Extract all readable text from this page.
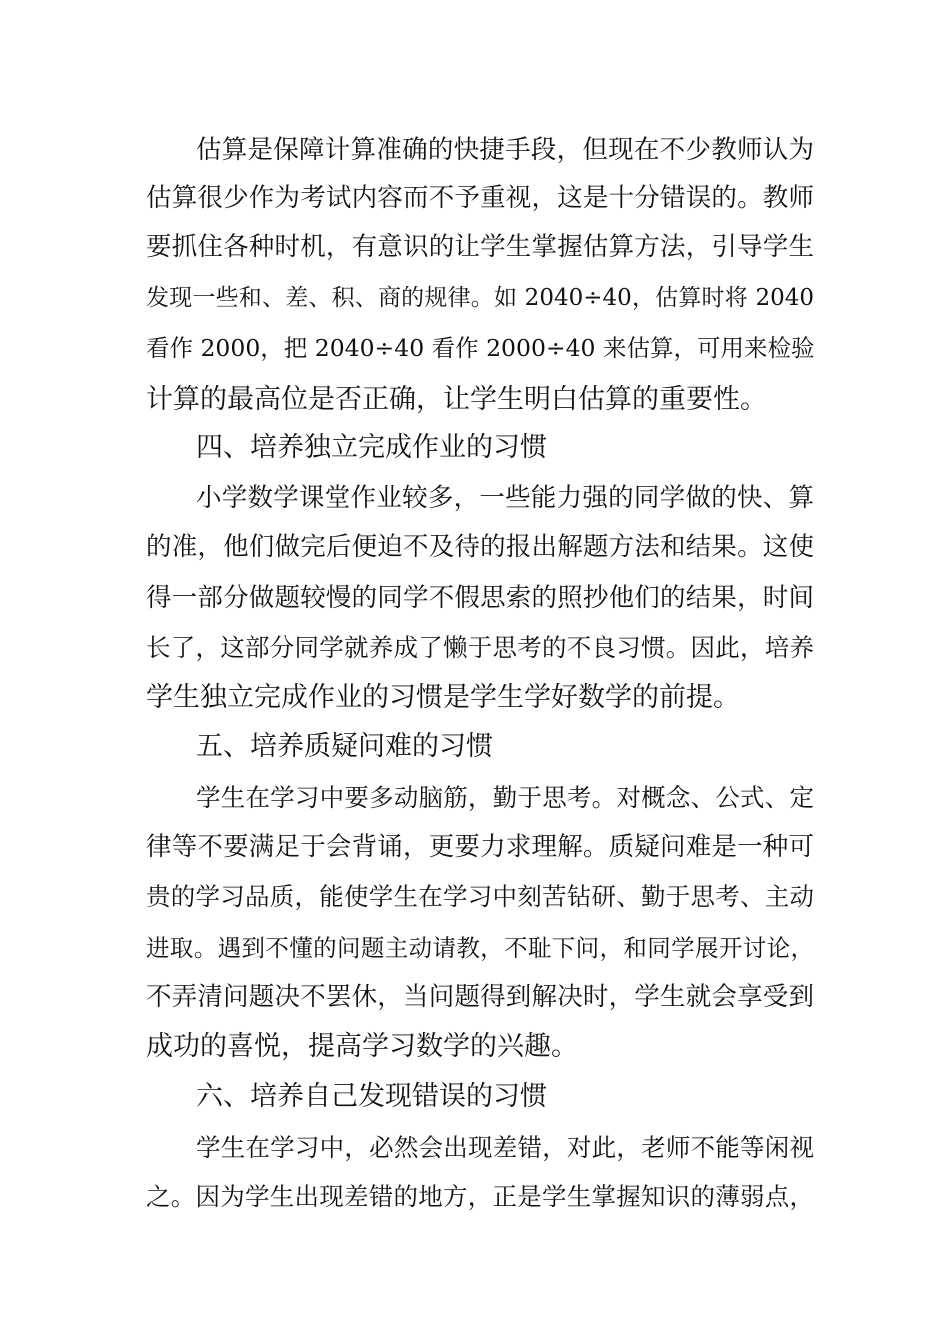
估算是保障计算准确的快捷手段，但现在不少教师认为
估算很少作为考试内容而不予重视，这是十分错误的。教师
要抓住各种时机，有意识的让学生掌握估算方法，引导学生
发现一些和、差、积、商的规律。如 2040÷40，估算时将 2040
看作 2000，把 2040÷40 看作 2000÷40 来估算，可用来检验
计算的最高位是否正确，让学生明白估算的重要性。
四、培养独立完成作业的习惯
小学数学课堂作业较多，一些能力强的同学做的快、算
的准，他们做完后便迫不及待的报出解题方法和结果。这使
得一部分做题较慢的同学不假思索的照抄他们的结果，时间
长了，这部分同学就养成了懒于思考的不良习惯。因此，培养
学生独立完成作业的习惯是学生学好数学的前提。
五、培养质疑问难的习惯
学生在学习中要多动脑筋，勤于思考。对概念、公式、定
律等不要满足于会背诵，更要力求理解。质疑问难是一种可
贵的学习品质，能使学生在学习中刻苦钻研、勤于思考、主动
进取。遇到不懂的问题主动请教，不耻下问，和同学展开讨论，
不弄清问题决不罢休，当问题得到解决时，学生就会享受到
成功的喜悦，提高学习数学的兴趣。
六、培养自己发现错误的习惯
学生在学习中，必然会出现差错，对此，老师不能等闲视
之。因为学生出现差错的地方，正是学生掌握知识的薄弱点，
